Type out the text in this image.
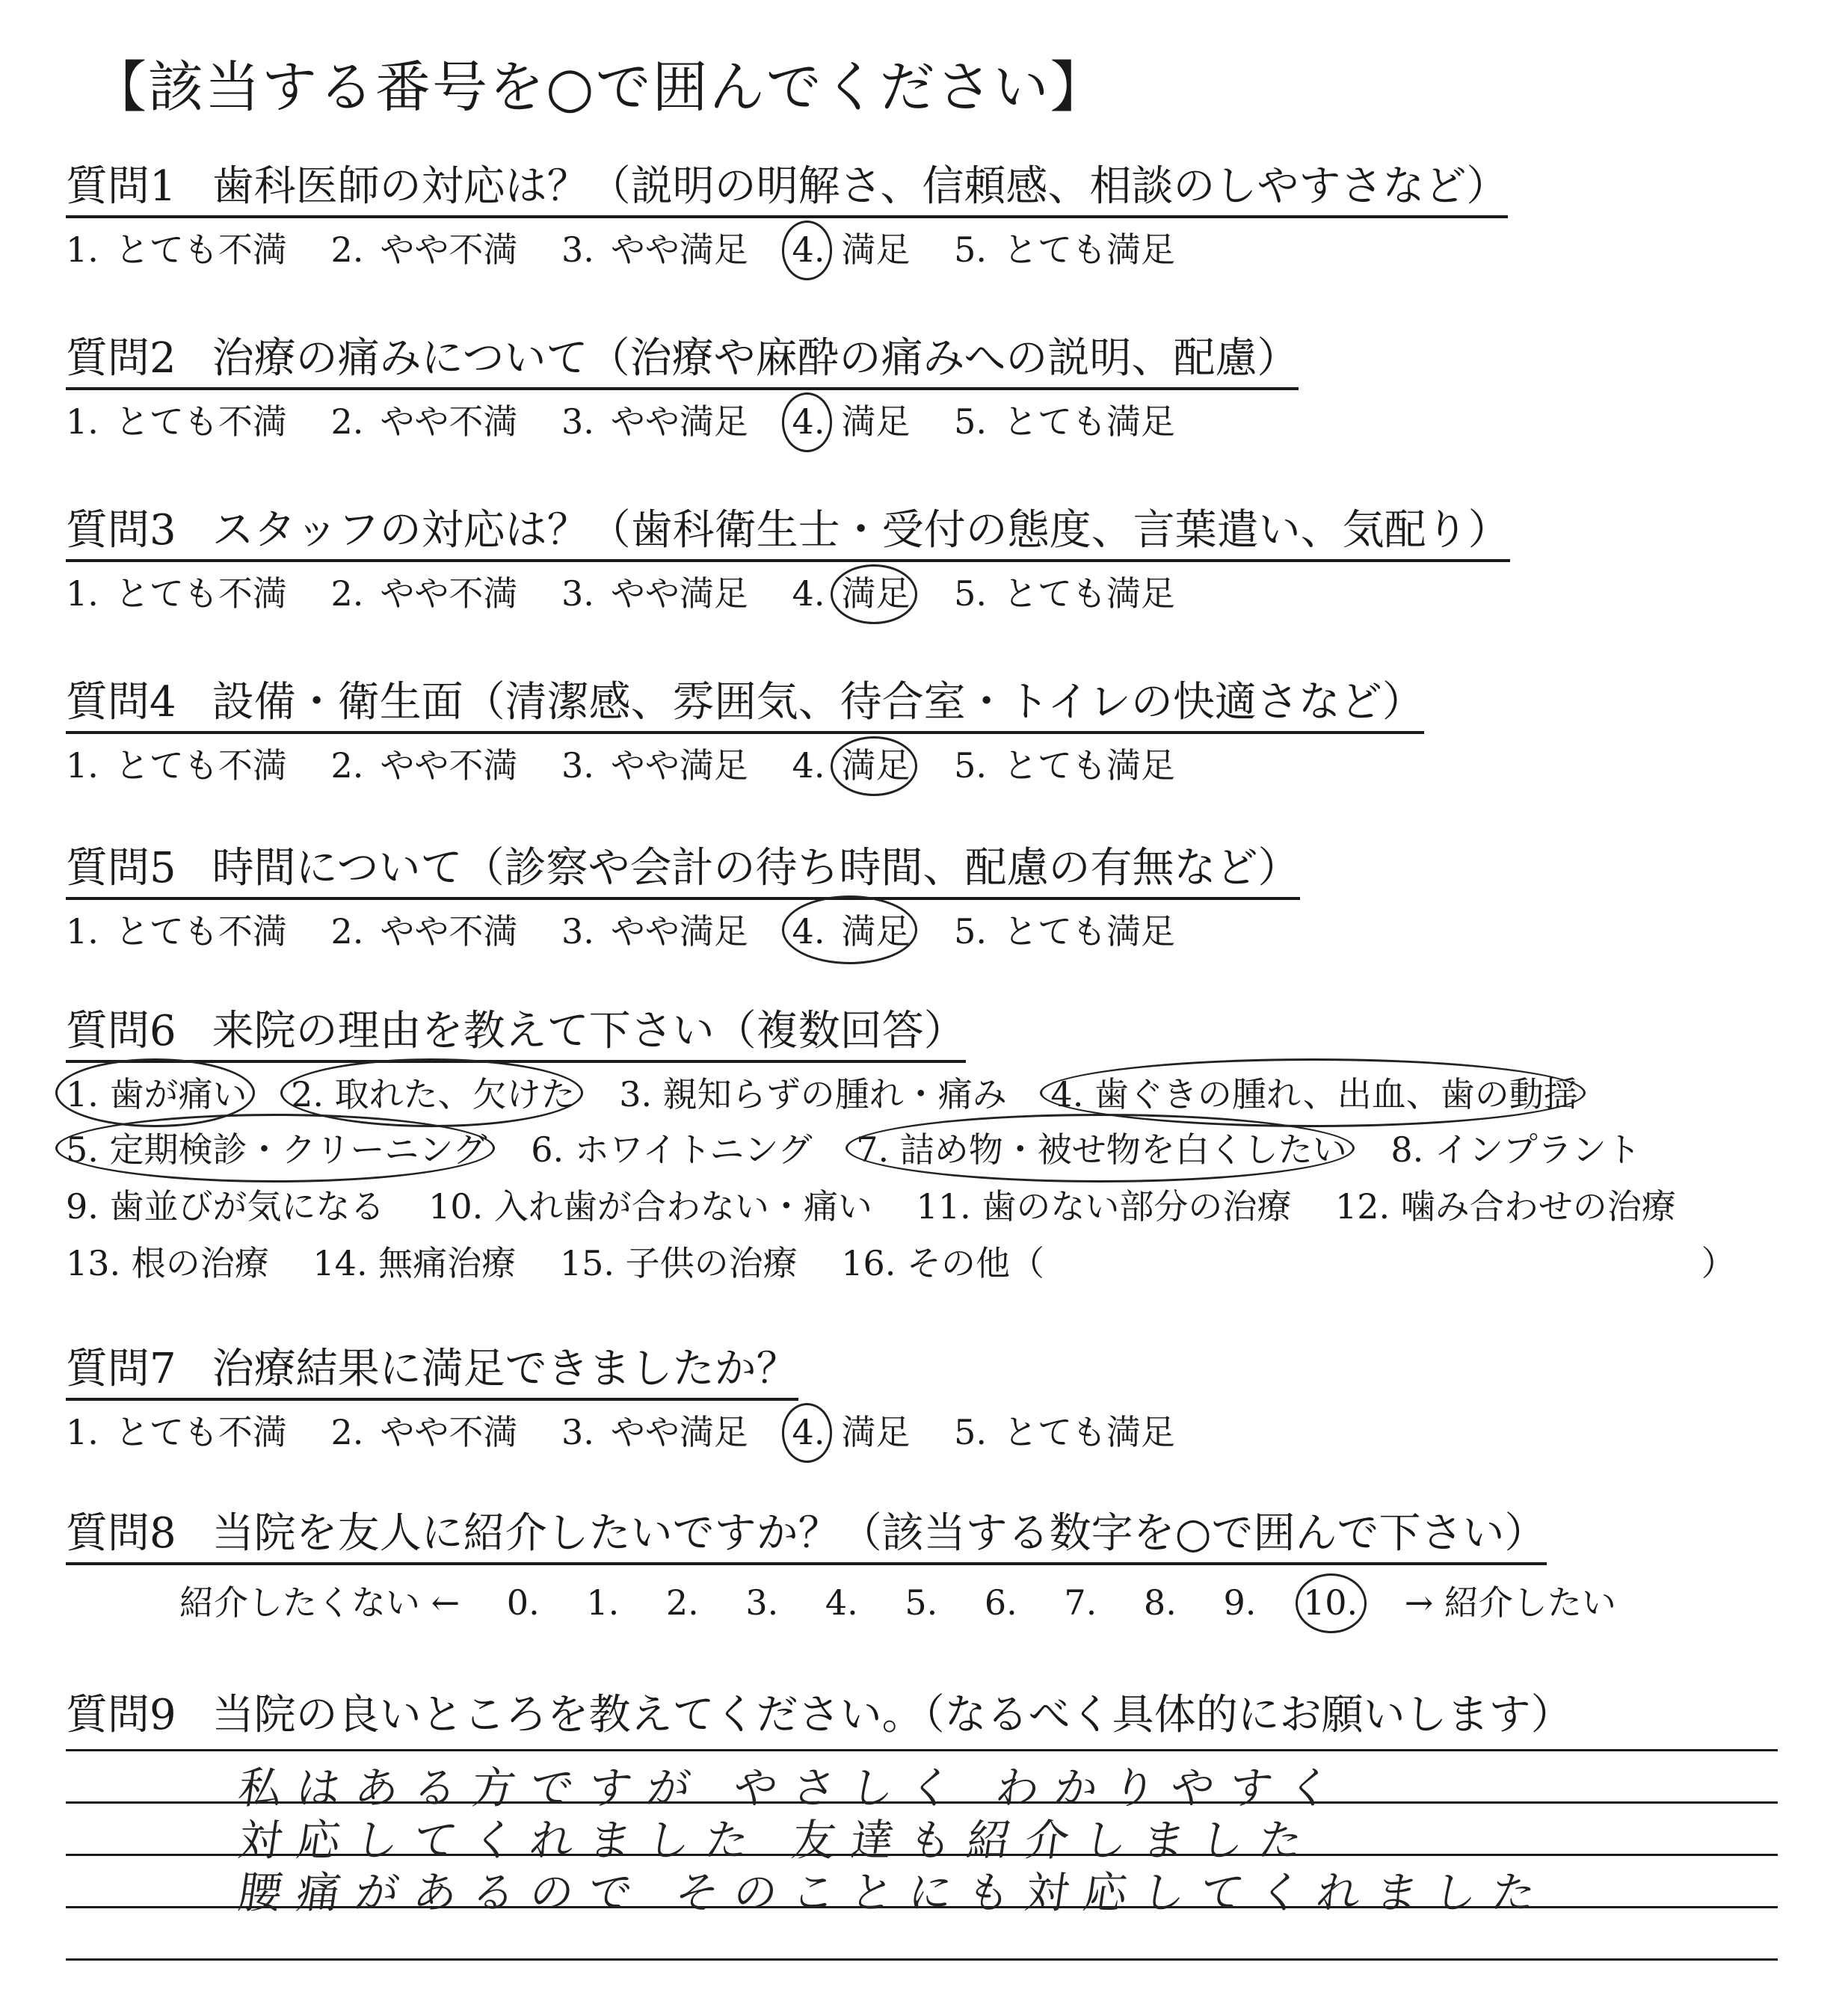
【該当する番号を○で囲んでください】
質問1 歯科医師の対応は？（説明の明解さ、信頼感、相談のしやすさなど）
1. とても不満 2. やや不満 3. やや満足 4. 満足 5. とても満足
質問2 治療の痛みについて（治療や麻酔の痛みへの説明、配慮）
1. とても不満 2. やや不満 3. やや満足 4. 満足 5. とても満足
質問3 スタッフの対応は？（歯科衛生士・受付の態度、言葉遣い、気配り）
1. とても不満 2. やや不満 3. やや満足 4. 満足 5. とても満足
質問4 設備・衛生面（清潔感、雰囲気、待合室・トイレの快適さなど）
1. とても不満 2. やや不満 3. やや満足 4. 満足 5. とても満足
質問5 時間について（診察や会計の待ち時間、配慮の有無など）
1. とても不満 2. やや不満 3. やや満足 4. 満足 5. とても満足
質問6 来院の理由を教えて下さい（複数回答）
1. 歯が痛い 2. 取れた、欠けた 3. 親知らずの腫れ・痛み 4. 歯ぐきの腫れ、出血、歯の動揺
5. 定期検診・クリーニング 6. ホワイトニング 7. 詰め物・被せ物を白くしたい 8. インプラント
9. 歯並びが気になる 10. 入れ歯が合わない・痛い 11. 歯のない部分の治療 12. 噛み合わせの治療
13. 根の治療 14. 無痛治療 15. 子供の治療 16. その他（	）
質問7 治療結果に満足できましたか？
1. とても不満 2. やや不満 3. やや満足 4. 満足 5. とても満足
質問8 当院を友人に紹介したいですか？（該当する数字を○で囲んで下さい）
紹介したくない ← 0. 1. 2. 3. 4. 5. 6. 7. 8. 9. 10. → 紹介したい
質問9 当院の良いところを教えてください。（なるべく具体的にお願いします）
私はある方ですが やさしく わかりやすく
対応してくれました 友達も紹介しました
腰痛があるので そのことにも対応してくれました
